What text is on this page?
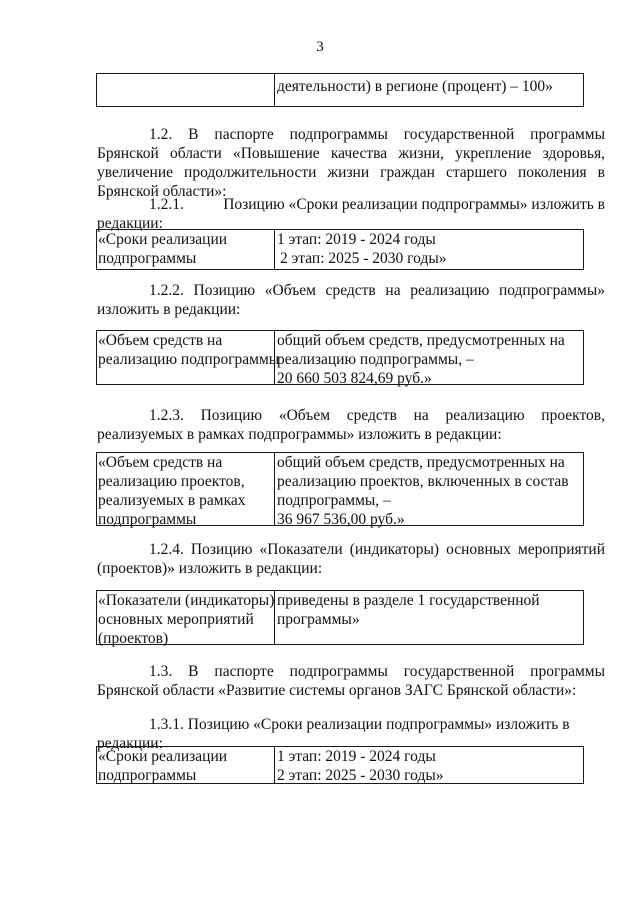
3
деятельности) в регионе (процент) – 100»
1.2. В паспорте подпрограммы государственной программы Брянской области «Повышение качества жизни, укрепление здоровья, увеличение продолжительности жизни граждан старшего поколения в Брянской области»:
1.2.1.	Позицию «Сроки реализации подпрограммы» изложить в
редакции:
«Сроки реализации
подпрограммы
1 этап: 2019 - 2024 годы
2 этап: 2025 - 2030 годы»
1.2.2. Позицию «Объем средств на реализацию подпрограммы» изложить в редакции:
«Объем средств на
реализацию подпрограммы
общий объем средств, предусмотренных на
реализацию подпрограммы, –
20 660 503 824,69 руб.»
1.2.3. Позицию «Объем средств на реализацию проектов, реализуемых в рамках подпрограммы» изложить в редакции:
«Объем средств на
реализацию проектов,
реализуемых в рамках
подпрограммы
общий объем средств, предусмотренных на
реализацию проектов, включенных в состав
подпрограммы, –
36 967 536,00 руб.»
1.2.4. Позицию «Показатели (индикаторы) основных мероприятий (проектов)» изложить в редакции:
«Показатели (индикаторы)
основных мероприятий
(проектов)
приведены в разделе 1 государственной
программы»
1.3. В паспорте подпрограммы государственной программы Брянской области «Развитие системы органов ЗАГС Брянской области»:
1.3.1. Позицию «Сроки реализации подпрограммы» изложить в редакции:
«Сроки реализации
подпрограммы
1 этап: 2019 - 2024 годы
2 этап: 2025 - 2030 годы»
